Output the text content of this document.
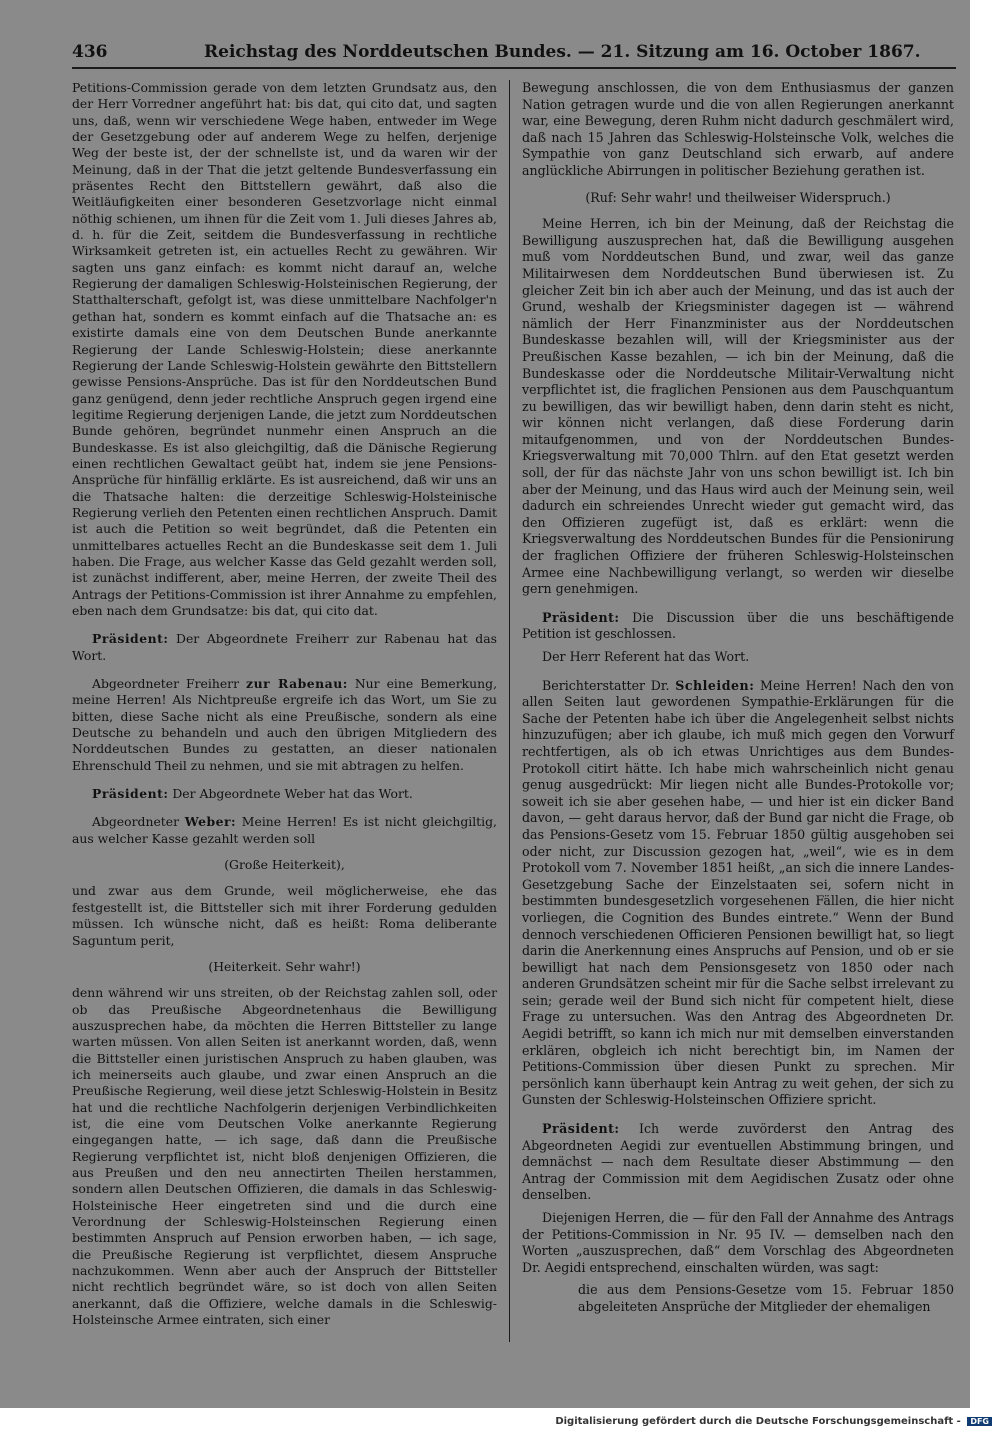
436	Reichstag des Norddeutschen Bundes. — 21. Sitzung am 16. October 1867.

Petitions-Commission gerade von dem letzten Grundsatz aus, den der Herr Vorredner angeführt hat: bis dat, qui cito dat, und sagten uns, daß, wenn wir verschiedene Wege haben, entweder im Wege der Gesetzgebung oder auf anderem Wege zu helfen, derjenige Weg der beste ist, der der schnellste ist, und da waren wir der Meinung, daß in der That die jetzt geltende Bundesverfassung ein präsentes Recht den Bittstellern gewährt, daß also die Weitläufigkeiten einer besonderen Gesetzvorlage nicht einmal nöthig schienen, um ihnen für die Zeit vom 1. Juli dieses Jahres ab, d. h. für die Zeit, seitdem die Bundesverfassung in rechtliche Wirksamkeit getreten ist, ein actuelles Recht zu gewähren. Wir sagten uns ganz einfach: es kommt nicht darauf an, welche Regierung der damaligen Schleswig-Holsteinischen Regierung, der Statthalterschaft, gefolgt ist, was diese unmittelbare Nachfolger'n gethan hat, sondern es kommt einfach auf die Thatsache an: es existirte damals eine von dem Deutschen Bunde anerkannte Regierung der Lande Schleswig-Holstein; diese anerkannte Regierung der Lande Schleswig-Holstein gewährte den Bittstellern gewisse Pensions-Ansprüche. Das ist für den Norddeutschen Bund ganz genügend, denn jeder rechtliche Anspruch gegen irgend eine legitime Regierung derjenigen Lande, die jetzt zum Norddeutschen Bunde gehören, begründet nunmehr einen Anspruch an die Bundeskasse. Es ist also gleichgiltig, daß die Dänische Regierung einen rechtlichen Gewaltact geübt hat, indem sie jene Pensions-Ansprüche für hinfällig erklärte. Es ist ausreichend, daß wir uns an die Thatsache halten: die derzeitige Schleswig-Holsteinische Regierung verlieh den Petenten einen rechtlichen Anspruch. Damit ist auch die Petition so weit begründet, daß die Petenten ein unmittelbares actuelles Recht an die Bundeskasse seit dem 1. Juli haben. Die Frage, aus welcher Kasse das Geld gezahlt werden soll, ist zunächst indifferent, aber, meine Herren, der zweite Theil des Antrags der Petitions-Commission ist ihrer Annahme zu empfehlen, eben nach dem Grundsatze: bis dat, qui cito dat.

Präsident: Der Abgeordnete Freiherr zur Rabenau hat das Wort.

Abgeordneter Freiherr zur Rabenau: Nur eine Bemerkung, meine Herren! Als Nichtpreuße ergreife ich das Wort, um Sie zu bitten, diese Sache nicht als eine Preußische, sondern als eine Deutsche zu behandeln und auch den übrigen Mitgliedern des Norddeutschen Bundes zu gestatten, an dieser nationalen Ehrenschuld Theil zu nehmen, und sie mit abtragen zu helfen.

Präsident: Der Abgeordnete Weber hat das Wort.

Abgeordneter Weber: Meine Herren! Es ist nicht gleichgiltig, aus welcher Kasse gezahlt werden soll

(Große Heiterkeit),

und zwar aus dem Grunde, weil möglicherweise, ehe das festgestellt ist, die Bittsteller sich mit ihrer Forderung gedulden müssen. Ich wünsche nicht, daß es heißt: Roma deliberante Saguntum perit,

(Heiterkeit. Sehr wahr!)

denn während wir uns streiten, ob der Reichstag zahlen soll, oder ob das Preußische Abgeordnetenhaus die Bewilligung auszusprechen habe, da möchten die Herren Bittsteller zu lange warten müssen. Von allen Seiten ist anerkannt worden, daß, wenn die Bittsteller einen juristischen Anspruch zu haben glauben, was ich meinerseits auch glaube, und zwar einen Anspruch an die Preußische Regierung, weil diese jetzt Schleswig-Holstein in Besitz hat und die rechtliche Nachfolgerin derjenigen Verbindlichkeiten ist, die eine vom Deutschen Volke anerkannte Regierung eingegangen hatte, — ich sage, daß dann die Preußische Regierung verpflichtet ist, nicht bloß denjenigen Offizieren, die aus Preußen und den neu annectirten Theilen herstammen, sondern allen Deutschen Offizieren, die damals in das Schleswig-Holsteinische Heer eingetreten sind und die durch eine Verordnung der Schleswig-Holsteinschen Regierung einen bestimmten Anspruch auf Pension erworben haben, — ich sage, die Preußische Regierung ist verpflichtet, diesem Anspruche nachzukommen. Wenn aber auch der Anspruch der Bittsteller nicht rechtlich begründet wäre, so ist doch von allen Seiten anerkannt, daß die Offiziere, welche damals in die Schleswig-Holsteinsche Armee eintraten, sich einer

Bewegung anschlossen, die von dem Enthusiasmus der ganzen Nation getragen wurde und die von allen Regierungen anerkannt war, eine Bewegung, deren Ruhm nicht dadurch geschmälert wird, daß nach 15 Jahren das Schleswig-Holsteinsche Volk, welches die Sympathie von ganz Deutschland sich erwarb, auf andere anglückliche Abirrungen in politischer Beziehung gerathen ist.

(Ruf: Sehr wahr! und theilweiser Widerspruch.)

Meine Herren, ich bin der Meinung, daß der Reichstag die Bewilligung auszusprechen hat, daß die Bewilligung ausgehen muß vom Norddeutschen Bund, und zwar, weil das ganze Militairwesen dem Norddeutschen Bund überwiesen ist. Zu gleicher Zeit bin ich aber auch der Meinung, und das ist auch der Grund, weshalb der Kriegsminister dagegen ist — während nämlich der Herr Finanzminister aus der Norddeutschen Bundeskasse bezahlen will, will der Kriegsminister aus der Preußischen Kasse bezahlen, — ich bin der Meinung, daß die Bundeskasse oder die Norddeutsche Militair-Verwaltung nicht verpflichtet ist, die fraglichen Pensionen aus dem Pauschquantum zu bewilligen, das wir bewilligt haben, denn darin steht es nicht, wir können nicht verlangen, daß diese Forderung darin mitaufgenommen, und von der Norddeutschen Bundes-Kriegsverwaltung mit 70,000 Thlrn. auf den Etat gesetzt werden soll, der für das nächste Jahr von uns schon bewilligt ist. Ich bin aber der Meinung, und das Haus wird auch der Meinung sein, weil dadurch ein schreiendes Unrecht wieder gut gemacht wird, das den Offizieren zugefügt ist, daß es erklärt: wenn die Kriegsverwaltung des Norddeutschen Bundes für die Pensionirung der fraglichen Offiziere der früheren Schleswig-Holsteinschen Armee eine Nachbewilligung verlangt, so werden wir dieselbe gern genehmigen.

Präsident: Die Discussion über die uns beschäftigende Petition ist geschlossen.

Der Herr Referent hat das Wort.

Berichterstatter Dr. Schleiden: Meine Herren! Nach den von allen Seiten laut gewordenen Sympathie-Erklärungen für die Sache der Petenten habe ich über die Angelegenheit selbst nichts hinzuzufügen; aber ich glaube, ich muß mich gegen den Vorwurf rechtfertigen, als ob ich etwas Unrichtiges aus dem Bundes-Protokoll citirt hätte. Ich habe mich wahrscheinlich nicht genau genug ausgedrückt: Mir liegen nicht alle Bundes-Protokolle vor; soweit ich sie aber gesehen habe, — und hier ist ein dicker Band davon, — geht daraus hervor, daß der Bund gar nicht die Frage, ob das Pensions-Gesetz vom 15. Februar 1850 gültig ausgehoben sei oder nicht, zur Discussion gezogen hat, „weil“, wie es in dem Protokoll vom 7. November 1851 heißt, „an sich die innere Landes-Gesetzgebung Sache der Einzelstaaten sei, sofern nicht in bestimmten bundesgesetzlich vorgesehenen Fällen, die hier nicht vorliegen, die Cognition des Bundes eintrete.“ Wenn der Bund dennoch verschiedenen Officieren Pensionen bewilligt hat, so liegt darin die Anerkennung eines Anspruchs auf Pension, und ob er sie bewilligt hat nach dem Pensionsgesetz von 1850 oder nach anderen Grundsätzen scheint mir für die Sache selbst irrelevant zu sein; gerade weil der Bund sich nicht für competent hielt, diese Frage zu untersuchen. Was den Antrag des Abgeordneten Dr. Aegidi betrifft, so kann ich mich nur mit demselben einverstanden erklären, obgleich ich nicht berechtigt bin, im Namen der Petitions-Commission über diesen Punkt zu sprechen. Mir persönlich kann überhaupt kein Antrag zu weit gehen, der sich zu Gunsten der Schleswig-Holsteinschen Offiziere spricht.

Präsident: Ich werde zuvörderst den Antrag des Abgeordneten Aegidi zur eventuellen Abstimmung bringen, und demnächst — nach dem Resultate dieser Abstimmung — den Antrag der Commission mit dem Aegidischen Zusatz oder ohne denselben.

Diejenigen Herren, die — für den Fall der Annahme des Antrags der Petitions-Commission in Nr. 95 IV. — demselben nach den Worten „auszusprechen, daß“ dem Vorschlag des Abgeordneten Dr. Aegidi entsprechend, einschalten würden, was sagt:

die aus dem Pensions-Gesetze vom 15. Februar 1850 abgeleiteten Ansprüche der Mitglieder der ehemaligen

Digitalisierung gefördert durch die Deutsche Forschungsgemeinschaft - DFG
